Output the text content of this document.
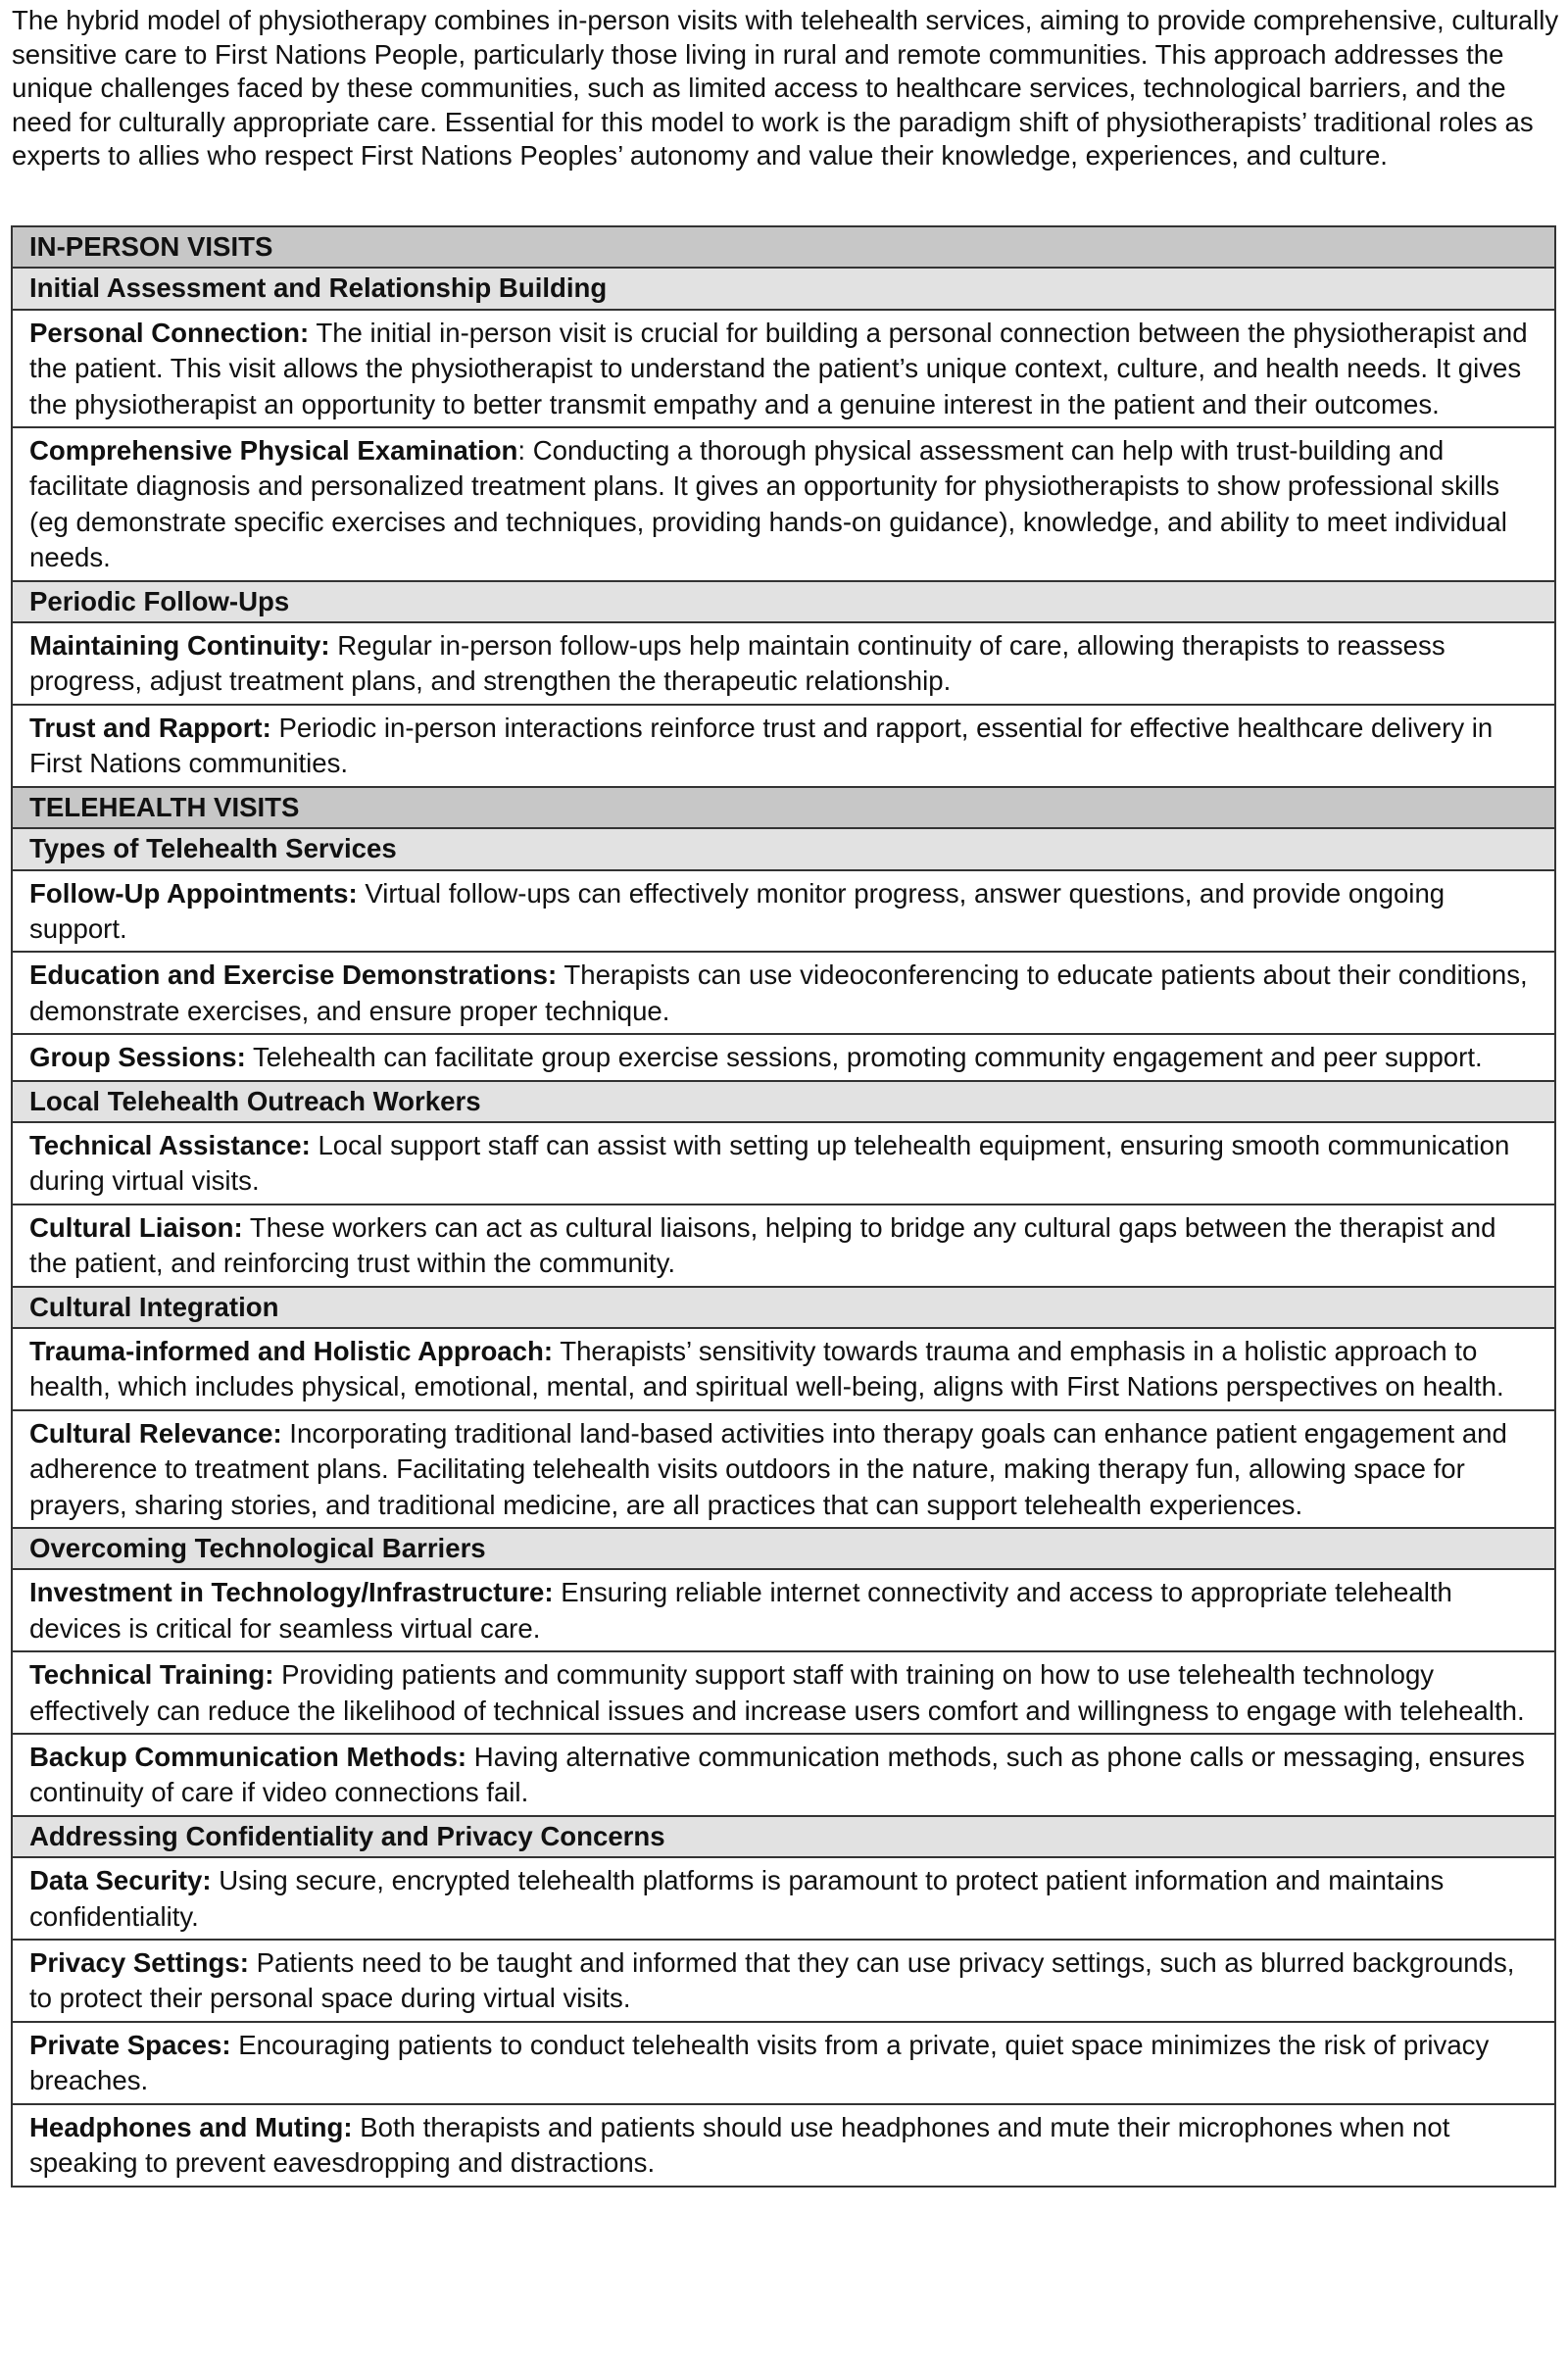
The hybrid model of physiotherapy combines in-person visits with telehealth services, aiming to provide comprehensive, culturally sensitive care to First Nations People, particularly those living in rural and remote communities. This approach addresses the unique challenges faced by these communities, such as limited access to healthcare services, technological barriers, and the need for culturally appropriate care. Essential for this model to work is the paradigm shift of physiotherapists’ traditional roles as experts to allies who respect First Nations Peoples’ autonomy and value their knowledge, experiences, and culture.

IN-PERSON VISITS
Initial Assessment and Relationship Building
Personal Connection: The initial in-person visit is crucial for building a personal connection between the physiotherapist and the patient. This visit allows the physiotherapist to understand the patient’s unique context, culture, and health needs. It gives the physiotherapist an opportunity to better transmit empathy and a genuine interest in the patient and their outcomes.
Comprehensive Physical Examination: Conducting a thorough physical assessment can help with trust-building and facilitate diagnosis and personalized treatment plans. It gives an opportunity for physiotherapists to show professional skills (eg demonstrate specific exercises and techniques, providing hands-on guidance), knowledge, and ability to meet individual needs.
Periodic Follow-Ups
Maintaining Continuity: Regular in-person follow-ups help maintain continuity of care, allowing therapists to reassess progress, adjust treatment plans, and strengthen the therapeutic relationship.
Trust and Rapport: Periodic in-person interactions reinforce trust and rapport, essential for effective healthcare delivery in First Nations communities.
TELEHEALTH VISITS
Types of Telehealth Services
Follow-Up Appointments: Virtual follow-ups can effectively monitor progress, answer questions, and provide ongoing support.
Education and Exercise Demonstrations: Therapists can use videoconferencing to educate patients about their conditions, demonstrate exercises, and ensure proper technique.
Group Sessions: Telehealth can facilitate group exercise sessions, promoting community engagement and peer support.
Local Telehealth Outreach Workers
Technical Assistance: Local support staff can assist with setting up telehealth equipment, ensuring smooth communication during virtual visits.
Cultural Liaison: These workers can act as cultural liaisons, helping to bridge any cultural gaps between the therapist and the patient, and reinforcing trust within the community.
Cultural Integration
Trauma-informed and Holistic Approach: Therapists’ sensitivity towards trauma and emphasis in a holistic approach to health, which includes physical, emotional, mental, and spiritual well-being, aligns with First Nations perspectives on health.
Cultural Relevance: Incorporating traditional land-based activities into therapy goals can enhance patient engagement and adherence to treatment plans. Facilitating telehealth visits outdoors in the nature, making therapy fun, allowing space for prayers, sharing stories, and traditional medicine, are all practices that can support telehealth experiences.
Overcoming Technological Barriers
Investment in Technology/Infrastructure: Ensuring reliable internet connectivity and access to appropriate telehealth devices is critical for seamless virtual care.
Technical Training: Providing patients and community support staff with training on how to use telehealth technology effectively can reduce the likelihood of technical issues and increase users comfort and willingness to engage with telehealth.
Backup Communication Methods: Having alternative communication methods, such as phone calls or messaging, ensures continuity of care if video connections fail.
Addressing Confidentiality and Privacy Concerns
Data Security: Using secure, encrypted telehealth platforms is paramount to protect patient information and maintains confidentiality.
Privacy Settings: Patients need to be taught and informed that they can use privacy settings, such as blurred backgrounds, to protect their personal space during virtual visits.
Private Spaces: Encouraging patients to conduct telehealth visits from a private, quiet space minimizes the risk of privacy breaches.
Headphones and Muting: Both therapists and patients should use headphones and mute their microphones when not speaking to prevent eavesdropping and distractions.
